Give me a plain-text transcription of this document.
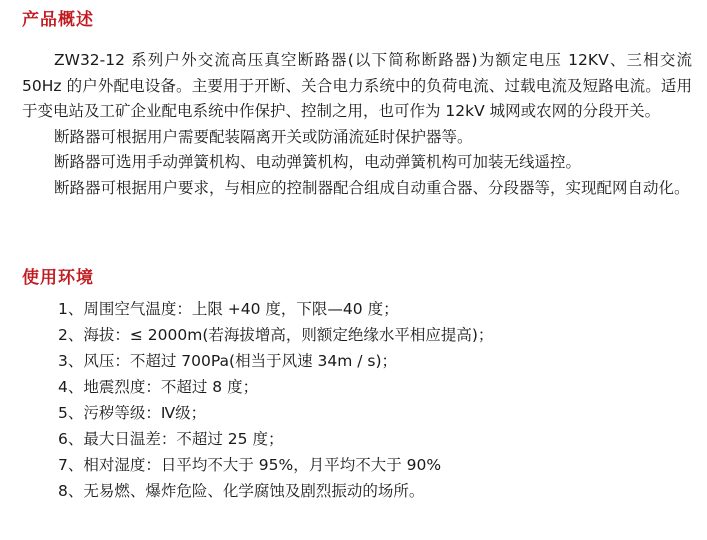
产品概述

ZW32-12 系列户外交流高压真空断路器(以下简称断路器)为额定电压 12KV、三相交流 50Hz 的户外配电设备。主要用于开断、关合电力系统中的负荷电流、过载电流及短路电流。适用于变电站及工矿企业配电系统中作保护、控制之用，也可作为 12kV 城网或农网的分段开关。

断路器可根据用户需要配装隔离开关或防涌流延时保护器等。

断路器可选用手动弹簧机构、电动弹簧机构，电动弹簧机构可加装无线遥控。

断路器可根据用户要求，与相应的控制器配合组成自动重合器、分段器等，实现配网自动化。

使用环境
1、周围空气温度：上限 +40 度，下限—40 度；
2、海拔：≤ 2000m(若海拔增高，则额定绝缘水平相应提高)；
3、风压：不超过 700Pa(相当于风速 34m / s)；
4、地震烈度：不超过 8 度；
5、污秽等级：Ⅳ级；
6、最大日温差：不超过 25 度；
7、相对湿度：日平均不大于 95%，月平均不大于 90%
8、无易燃、爆炸危险、化学腐蚀及剧烈振动的场所。
